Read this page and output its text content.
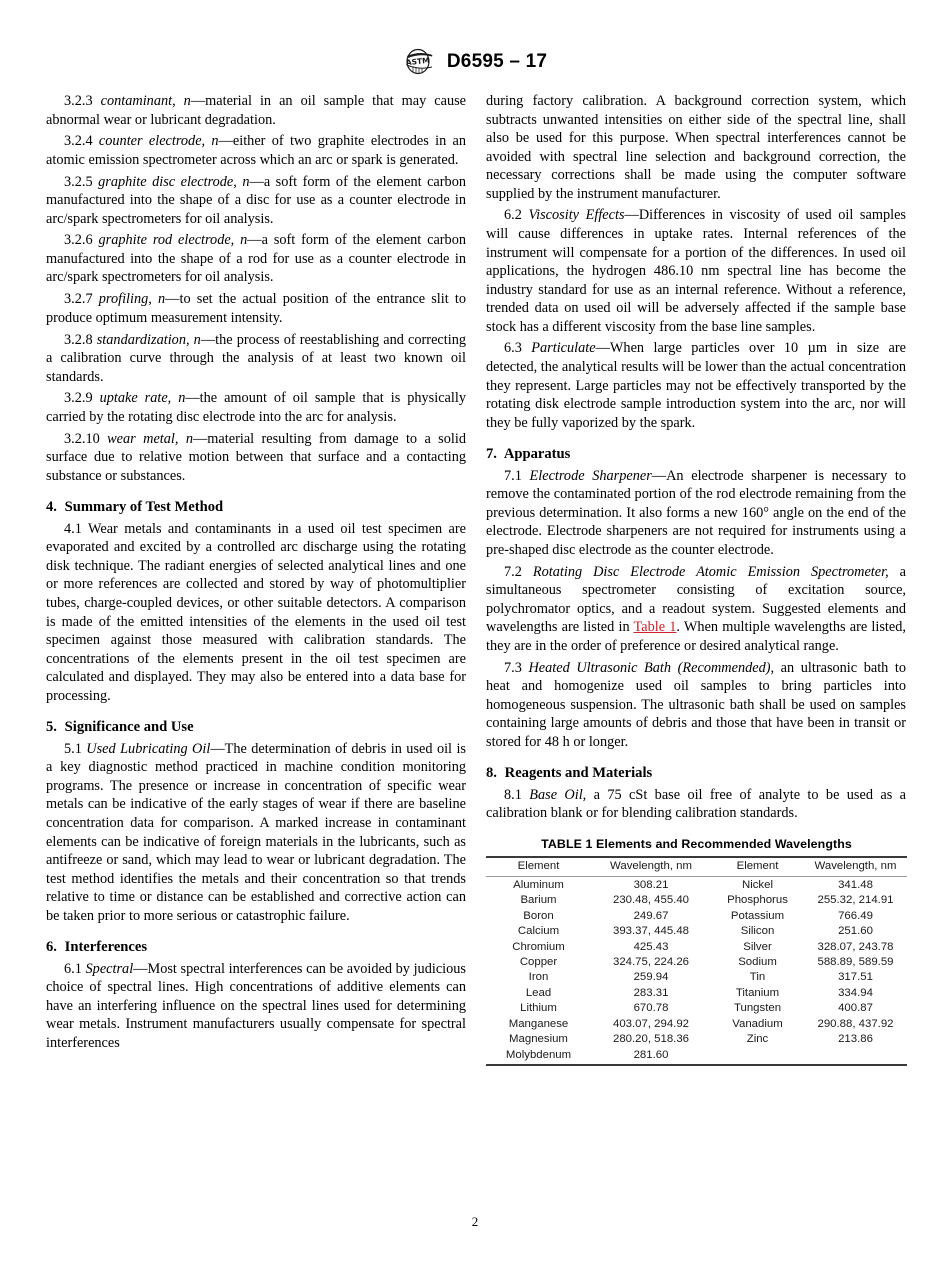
ASTM D6595 – 17

3.2.3 contaminant, n—material in an oil sample that may cause abnormal wear or lubricant degradation.

3.2.4 counter electrode, n—either of two graphite electrodes in an atomic emission spectrometer across which an arc or spark is generated.

3.2.5 graphite disc electrode, n—a soft form of the element carbon manufactured into the shape of a disc for use as a counter electrode in arc/spark spectrometers for oil analysis.

3.2.6 graphite rod electrode, n—a soft form of the element carbon manufactured into the shape of a rod for use as a counter electrode in arc/spark spectrometers for oil analysis.

3.2.7 profiling, n—to set the actual position of the entrance slit to produce optimum measurement intensity.

3.2.8 standardization, n—the process of reestablishing and correcting a calibration curve through the analysis of at least two known oil standards.

3.2.9 uptake rate, n—the amount of oil sample that is physically carried by the rotating disc electrode into the arc for analysis.

3.2.10 wear metal, n—material resulting from damage to a solid surface due to relative motion between that surface and a contacting substance or substances.

4. Summary of Test Method

4.1 Wear metals and contaminants in a used oil test specimen are evaporated and excited by a controlled arc discharge using the rotating disk technique. The radiant energies of selected analytical lines and one or more references are collected and stored by way of photomultiplier tubes, charge-coupled devices, or other suitable detectors. A comparison is made of the emitted intensities of the elements in the used oil test specimen against those measured with calibration standards. The concentrations of the elements present in the oil test specimen are calculated and displayed. They may also be entered into a data base for processing.

5. Significance and Use

5.1 Used Lubricating Oil—The determination of debris in used oil is a key diagnostic method practiced in machine condition monitoring programs. The presence or increase in concentration of specific wear metals can be indicative of the early stages of wear if there are baseline concentration data for comparison. A marked increase in contaminant elements can be indicative of foreign materials in the lubricants, such as antifreeze or sand, which may lead to wear or lubricant degradation. The test method identifies the metals and their concentration so that trends relative to time or distance can be established and corrective action can be taken prior to more serious or catastrophic failure.

6. Interferences

6.1 Spectral—Most spectral interferences can be avoided by judicious choice of spectral lines. High concentrations of additive elements can have an interfering influence on the spectral lines used for determining wear metals. Instrument manufacturers usually compensate for spectral interferences

during factory calibration. A background correction system, which subtracts unwanted intensities on either side of the spectral line, shall also be used for this purpose. When spectral interferences cannot be avoided with spectral line selection and background correction, the necessary corrections shall be made using the computer software supplied by the instrument manufacturer.

6.2 Viscosity Effects—Differences in viscosity of used oil samples will cause differences in uptake rates. Internal references of the instrument will compensate for a portion of the differences. In used oil applications, the hydrogen 486.10 nm spectral line has become the industry standard for use as an internal reference. Without a reference, trended data on used oil will be adversely affected if the sample base stock has a different viscosity from the base line samples.

6.3 Particulate—When large particles over 10 µm in size are detected, the analytical results will be lower than the actual concentration they represent. Large particles may not be effectively transported by the rotating disk electrode sample introduction system into the arc, nor will they be fully vaporized by the spark.

7. Apparatus

7.1 Electrode Sharpener—An electrode sharpener is necessary to remove the contaminated portion of the rod electrode remaining from the previous determination. It also forms a new 160° angle on the end of the electrode. Electrode sharpeners are not required for instruments using a pre-shaped disc electrode as the counter electrode.

7.2 Rotating Disc Electrode Atomic Emission Spectrometer, a simultaneous spectrometer consisting of excitation source, polychromator optics, and a readout system. Suggested elements and wavelengths are listed in Table 1. When multiple wavelengths are listed, they are in the order of preference or desired analytical range.

7.3 Heated Ultrasonic Bath (Recommended), an ultrasonic bath to heat and homogenize used oil samples to bring particles into homogeneous suspension. The ultrasonic bath shall be used on samples containing large amounts of debris and those that have been in transit or stored for 48 h or longer.

8. Reagents and Materials

8.1 Base Oil, a 75 cSt base oil free of analyte to be used as a calibration blank or for blending calibration standards.

TABLE 1 Elements and Recommended Wavelengths
Element	Wavelength, nm	Element	Wavelength, nm
Aluminum	308.21	Nickel	341.48
Barium	230.48, 455.40	Phosphorus	255.32, 214.91
Boron	249.67	Potassium	766.49
Calcium	393.37, 445.48	Silicon	251.60
Chromium	425.43	Silver	328.07, 243.78
Copper	324.75, 224.26	Sodium	588.89, 589.59
Iron	259.94	Tin	317.51
Lead	283.31	Titanium	334.94
Lithium	670.78	Tungsten	400.87
Manganese	403.07, 294.92	Vanadium	290.88, 437.92
Magnesium	280.20, 518.36	Zinc	213.86
Molybdenum	281.60		
2
